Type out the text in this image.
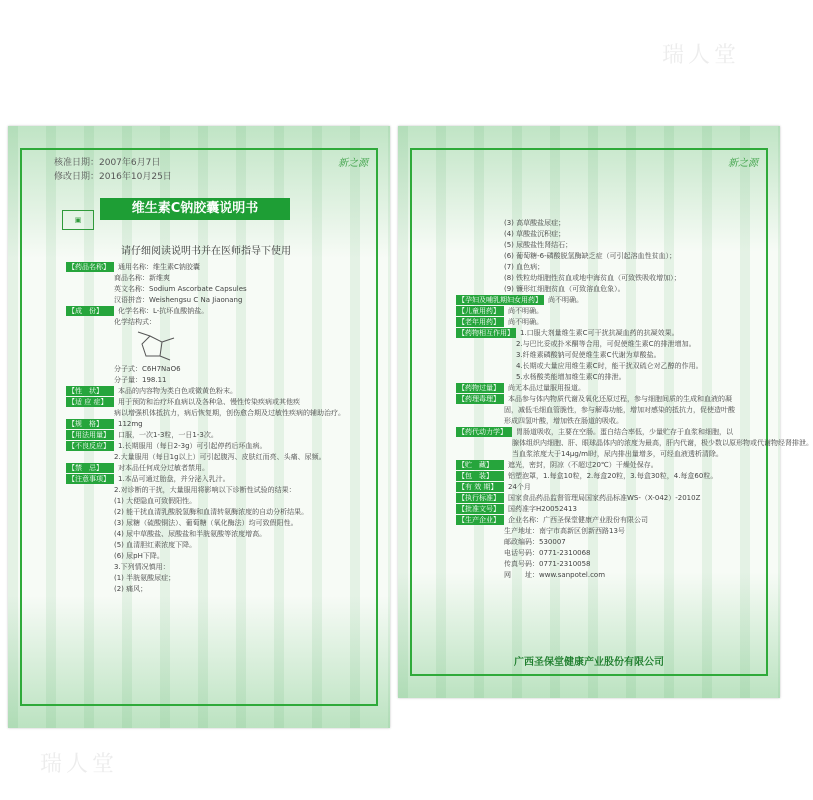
瑞人堂
瑞人堂
核准日期：2007年6月7日
修改日期：2016年10月25日
新之源
▣
维生素C钠胶囊说明书
请仔细阅读说明书并在医师指导下使用
【药品名称】	通用名称：维生素C钠胶囊
商品名称：新维爽
英文名称：Sodium Ascorbate Capsules
汉语拼音：Weishengsu C Na Jiaonang
【成　份】	化学名称：L-抗坏血酸钠盐。
化学结构式：
分子式：C6H7NaO6
分子量：198.11
【性　状】	本品的内容物为类白色或微黄色粉末。
【适 应 症】	用于预防和治疗坏血病以及各种急、慢性传染疾病或其他疾
病以增强机体抵抗力，病后恢复期，创伤愈合期及过敏性疾病的辅助治疗。
【规　格】	112mg
【用法用量】	口服，一次1-3粒，一日1-3次。
【不良反应】	1.长期服用（每日2-3g）可引起停药后坏血病。
2.大量服用（每日1g以上）可引起腹泻、皮肤红而亮、头痛、尿频。
【禁　忌】	对本品任何成分过敏者禁用。
【注意事项】	1.本品可通过胎盘，并分泌入乳汁。
2.对诊断的干扰，大量服用将影响以下诊断性试验的结果：
(1) 大便隐血可致假阳性。
(2) 能干扰血清乳酸脱氢酶和血清转氨酶浓度的自动分析结果。
(3) 尿糖（硫酸铜法）、葡萄糖（氧化酶法）均可致假阳性。
(4) 尿中草酸盐、尿酸盐和半胱氨酸等浓度增高。
(5) 血清胆红素浓度下降。
(6) 尿pH下降。
3.下列情况慎用：
(1) 半胱氨酸尿症；
(2) 痛风；
新之源
(3) 高草酸盐尿症；
(4) 草酸盐沉积症；
(5) 尿酸盐性肾结石；
(6) 葡萄糖-6-磷酸脱氢酶缺乏症（可引起溶血性贫血）；
(7) 血色病；
(8) 铁粒幼细胞性贫血或地中海贫血（可致铁吸收增加）；
(9) 镰形红细胞贫血（可致溶血危象）。
【孕妇及哺乳期妇女用药】 尚不明确。
【儿童用药】	尚不明确。
【老年用药】	尚不明确。
【药物相互作用】 1.口服大剂量维生素C可干扰抗凝血药的抗凝效果。
2.与巴比妥或扑米酮等合用，可促使维生素C的排泄增加。
3.纤维素磷酸钠可促使维生素C代谢为草酸盐。
4.长期或大量应用维生素C时，能干扰双硫仑对乙醇的作用。
5.水杨酸类能增加维生素C的排泄。
【药物过量】	尚无本品过量服用报道。
【药理毒理】	本品参与体内物质代谢及氧化还原过程，参与细胞间质的生成和血液的凝
固，减低毛细血管脆性，参与解毒功能，增加对感染的抵抗力，促使造叶酸
形成四氢叶酸，增加铁在肠道的吸收。
【药代动力学】	胃肠道吸收，主要在空肠。蛋白结合率低，少量贮存于血浆和细胞，以
腺体组织内细胞、肝、眼球晶体内的浓度为最高，肝内代谢，极少数以原形物或代谢物经肾排泄。
当血浆浓度大于14μg/ml时，尿内排出量增多，可经血液透析清除。
【贮　藏】	遮光，密封，阴凉（不超过20℃）干燥处保存。
【包　装】	铝塑泡罩，1.每盒10粒，2.每盒20粒，3.每盒30粒，4.每盒60粒。
【有 效 期】	24个月
【执行标准】	国家食品药品监督管理局国家药品标准WS-（X-042）-2010Z
【批准文号】	国药准字H20052413
【生产企业】	企业名称：广西圣保堂健康产业股份有限公司
生产地址：南宁市高新区创新西路13号
邮政编码：530007
电话号码：0771-2310068
传真号码：0771-2310058
网　　址：www.sanpotel.com
广西圣保堂健康产业股份有限公司
